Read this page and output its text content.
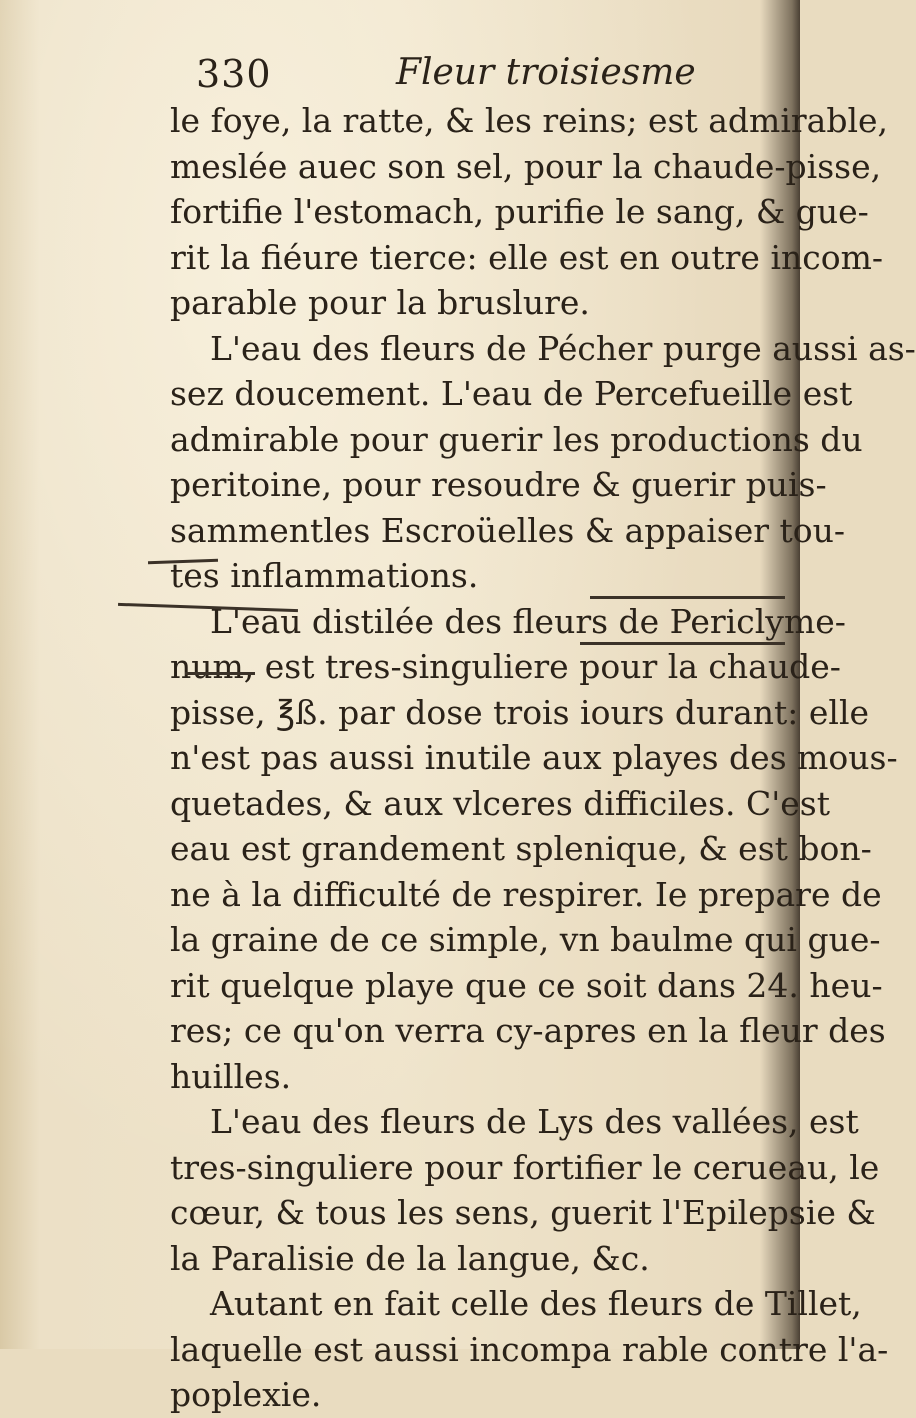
330	Fleur troisiesme
le foye, la ratte, & les reins; est admirable,
meslée auec son sel, pour la chaude-pisse,
fortifie l'estomach, purifie le sang, & gue-
rit la fiéure tierce: elle est en outre incom-
parable pour la bruslure.
L'eau des fleurs de Pécher purge aussi as-
sez doucement. L'eau de Percefueille est
admirable pour guerir les productions du
peritoine, pour resoudre & guerir puis-
sammentles Escroüelles & appaiser tou-
tes inflammations.
L'eau distilée des fleurs de Periclyme-
num, est tres-singuliere pour la chaude-
pisse, ℥ß. par dose trois iours durant: elle
n'est pas aussi inutile aux playes des mous-
quetades, & aux vlceres difficiles. C'est
eau est grandement splenique, & est bon-
ne à la difficulté de respirer. Ie prepare de
la graine de ce simple, vn baulme qui gue-
rit quelque playe que ce soit dans 24. heu-
res; ce qu'on verra cy-apres en la fleur des
huilles.
L'eau des fleurs de Lys des vallées, est
tres-singuliere pour fortifier le cerueau, le
cœur, & tous les sens, guerit l'Epilepsie &
la Paralisie de la langue, &c.
Autant en fait celle des fleurs de Tillet,
laquelle est aussi incompa rable contre l'a-
poplexie.
